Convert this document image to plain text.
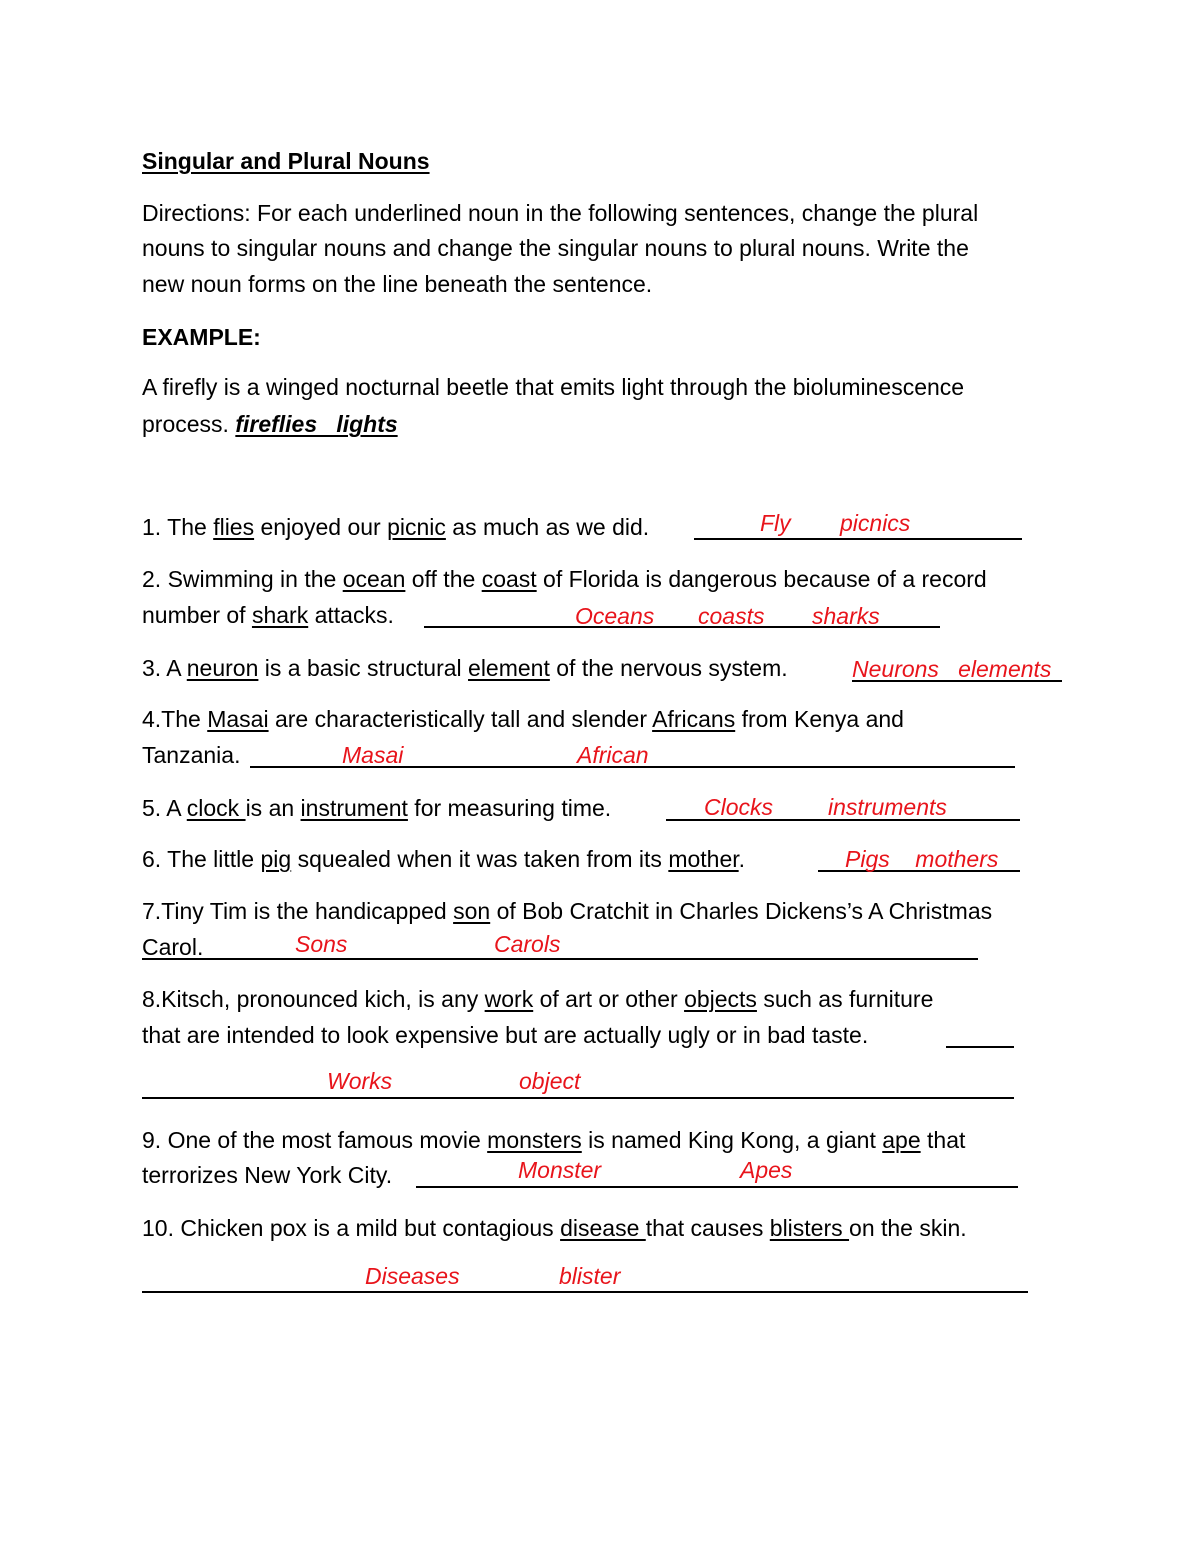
Singular and Plural Nouns
Directions: For each underlined noun in the following sentences, change the plural
nouns to singular nouns and change the singular nouns to plural nouns. Write the
new noun forms on the line beneath the sentence.
EXAMPLE:
A firefly is a winged nocturnal beetle that emits light through the bioluminescence
process. fireflies   lights
1. The flies enjoyed our picnic as much as we did.	Fly picnics
2. Swimming in the ocean off the coast of Florida is dangerous because of a record
number of shark attacks.	Oceans coasts sharks
3. A neuron is a basic structural element of the nervous system.	Neurons   elements
4.The Masai are characteristically tall and slender Africans from Kenya and
Tanzania.	Masai	African
5. A clock is an instrument for measuring time.	Clocks instruments
6. The little pig squealed when it was taken from its mother.	Pigs    mothers
7.Tiny Tim is the handicapped son of Bob Cratchit in Charles Dickens’s A Christmas
Carol.	Sons	Carols
8.Kitsch, pronounced kich, is any work of art or other objects such as furniture
that are intended to look expensive but are actually ugly or in bad taste.
Works	object
9. One of the most famous movie monsters is named King Kong, a giant ape that
terrorizes New York City.	Monster	Apes
10. Chicken pox is a mild but contagious disease that causes blisters on the skin.
Diseases	blister
